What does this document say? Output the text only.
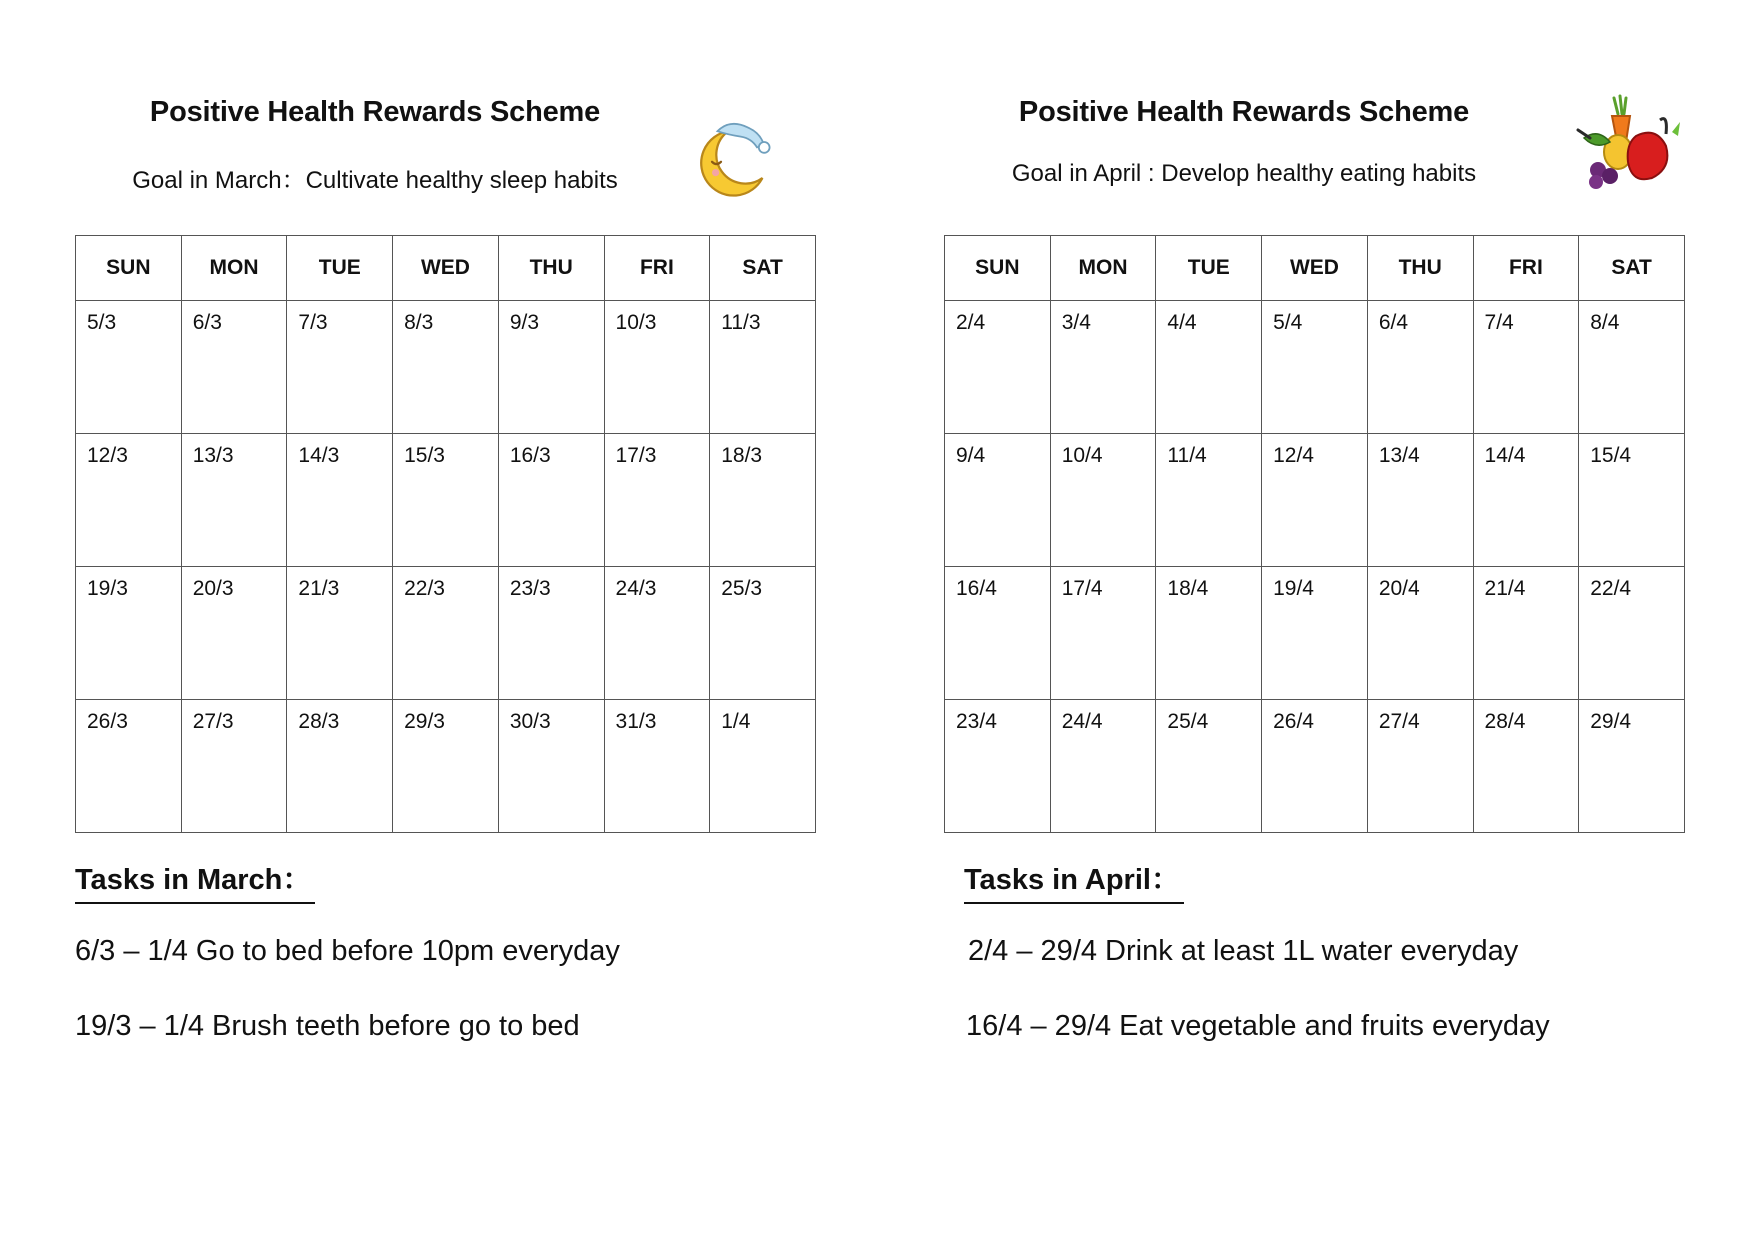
Positive Health Rewards Scheme
Goal in March：Cultivate healthy sleep habits
SUN	MON	TUE	WED	THU	FRI	SAT
5/3	6/3	7/3	8/3	9/3	10/3	11/3
12/3	13/3	14/3	15/3	16/3	17/3	18/3
19/3	20/3	21/3	22/3	23/3	24/3	25/3
26/3	27/3	28/3	29/3	30/3	31/3	1/4
Tasks in March：
6/3 – 1/4 Go to bed before 10pm everyday
19/3 – 1/4 Brush teeth before go to bed
Positive Health Rewards Scheme
Goal in April : Develop healthy eating habits
SUN	MON	TUE	WED	THU	FRI	SAT
2/4	3/4	4/4	5/4	6/4	7/4	8/4
9/4	10/4	11/4	12/4	13/4	14/4	15/4
16/4	17/4	18/4	19/4	20/4	21/4	22/4
23/4	24/4	25/4	26/4	27/4	28/4	29/4
Tasks in April：
2/4 – 29/4 Drink at least 1L water everyday
16/4 – 29/4 Eat vegetable and fruits everyday
